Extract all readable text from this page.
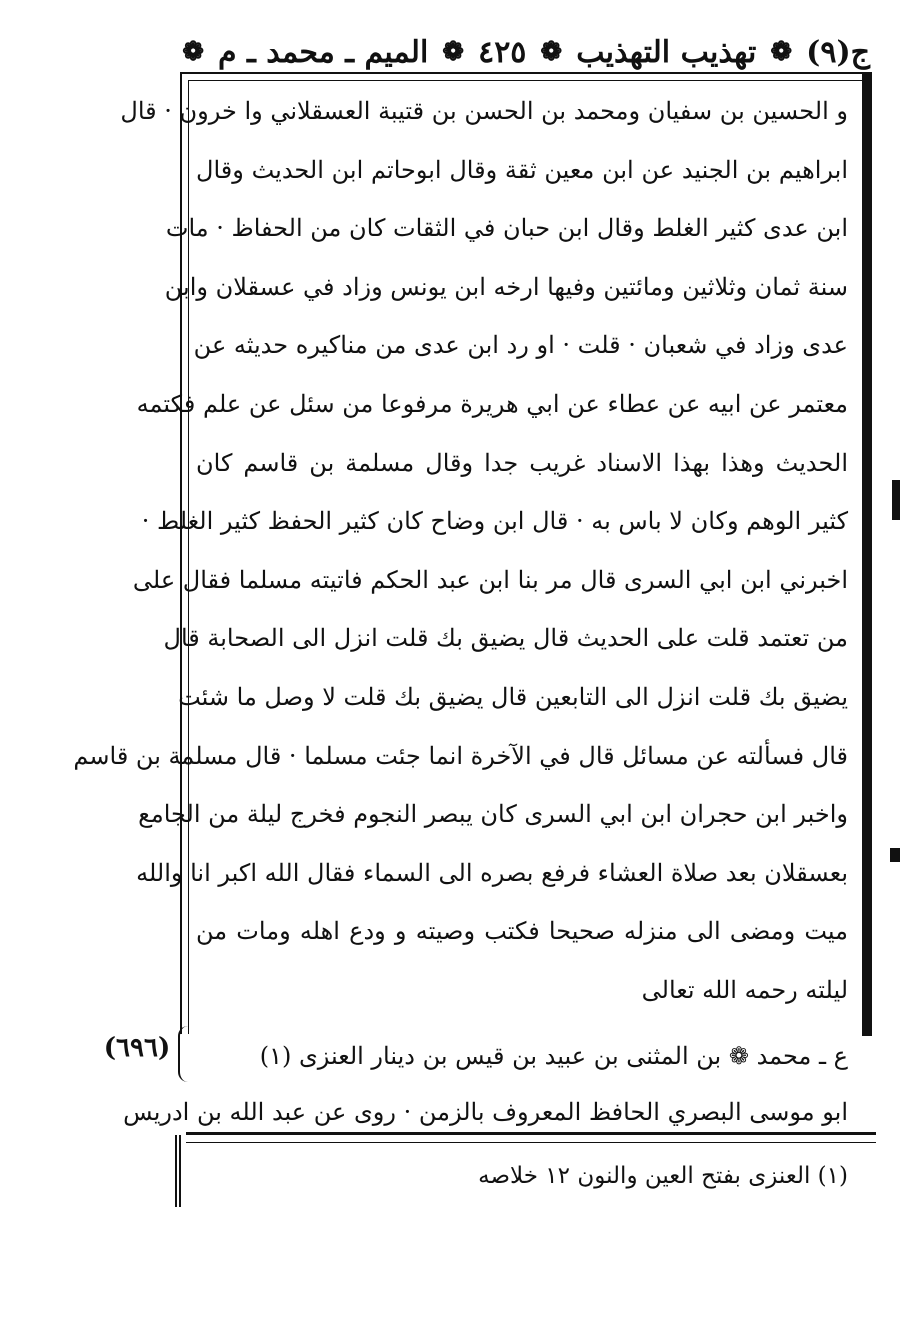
ج(٩)
❁
تهذيب التهذيب
❁
٤٢٥
❁
الميم ـ محمد ـ م
❁
و الحسين بن سفيان ومحمد بن الحسن بن قتيبة العسقلاني وا خرون · قال
ابراهيم بن الجنيد عن ابن معين ثقة وقال ابوحاتم ابن الحديث وقال
ابن عدى كثير الغلط وقال ابن حبان في الثقات كان من الحفاظ · مات
سنة ثمان وثلاثين ومائتين وفيها ارخه ابن يونس وزاد في عسقلان وابن
عدى وزاد في شعبان · قلت · او رد ابن عدى من مناكيره حديثه عن
معتمر عن ابيه عن عطاء عن ابي هريرة مرفوعا من سئل عن علم فكتمه
الحديث وهذا بهذا الاسناد غريب جدا وقال مسلمة بن قاسم كان
كثير الوهم وكان لا باس به · قال ابن وضاح كان كثير الحفظ كثير الغلط ·
اخبرني ابن ابي السرى قال مر بنا ابن عبد الحكم فاتيته مسلما فقال على
من تعتمد قلت على الحديث قال يضيق بك قلت انزل الى الصحابة قال
يضيق بك قلت انزل الى التابعين قال يضيق بك قلت لا وصل ما شئت
قال فسألته عن مسائل قال في الآخرة انما جئت مسلما · قال مسلمة بن قاسم
واخبر ابن حجران ابن ابي السرى كان يبصر النجوم فخرج ليلة من الجامع
بعسقلان بعد صلاة العشاء فرفع بصره الى السماء فقال الله اكبر انا والله
ميت ومضى الى منزله صحيحا فكتب وصيته و ودع اهله ومات من
ليلته رحمه الله تعالى
(٦٩٦)	ع ـ محمد ❁ بن المثنى بن عبيد بن قيس بن دينار العنزى (١)
ابو موسى البصري الحافظ المعروف بالزمن · روى عن عبد الله بن ادريس
(١) العنزى بفتح العين والنون ١٢ خلاصه
